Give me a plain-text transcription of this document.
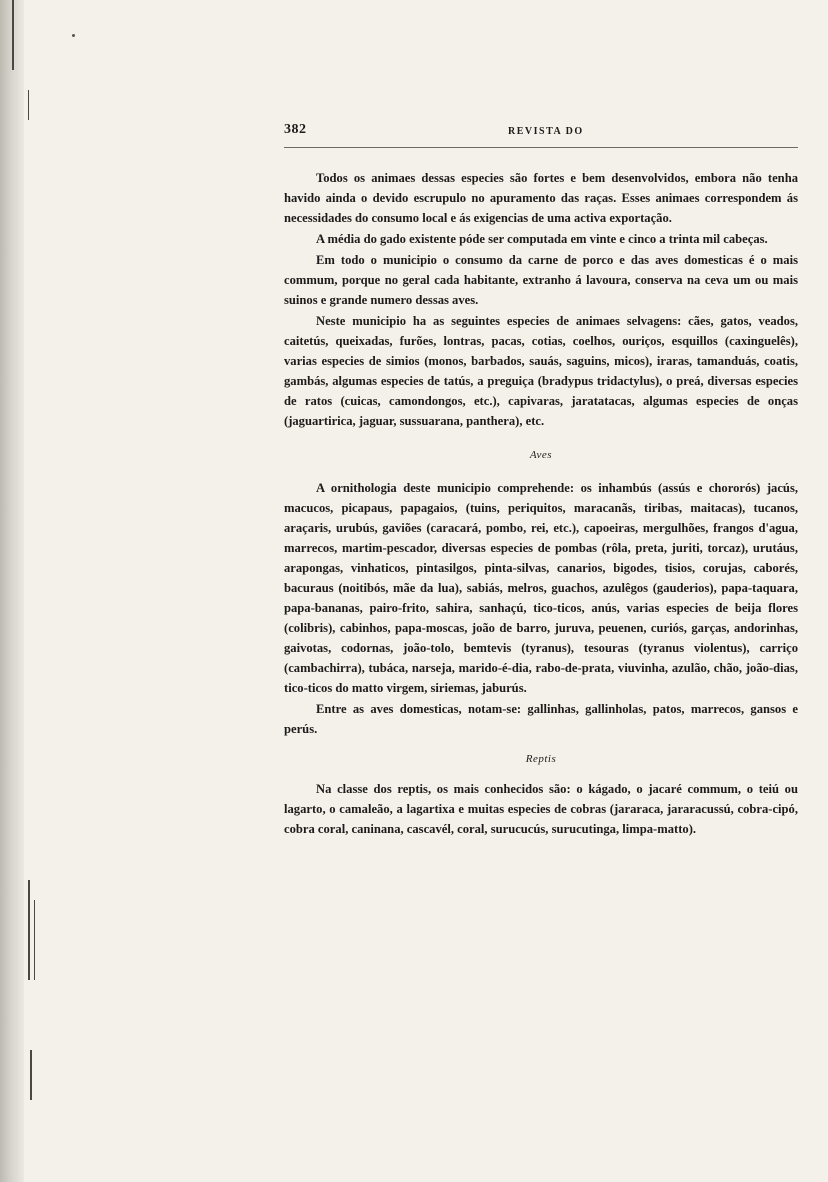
382	REVISTA DO

Todos os animaes dessas especies são fortes e bem desenvolvidos, embora não tenha havido ainda o devido escrupulo no apuramento das raças. Esses animaes correspondem ás necessidades do consumo local e ás exigencias de uma activa exportação.

A média do gado existente póde ser computada em vinte e cinco a trinta mil cabeças.

Em todo o municipio o consumo da carne de porco e das aves domesticas é o mais commum, porque no geral cada habitante, extranho á lavoura, conserva na ceva um ou mais suinos e grande numero dessas aves.

Neste municipio ha as seguintes especies de animaes selvagens: cães, gatos, veados, caitetús, queixadas, furões, lontras, pacas, cotias, coelhos, ouriços, esquillos (caxinguelês), varias especies de simios (monos, barbados, sauás, saguins, micos), iraras, tamanduás, coatis, gambás, algumas especies de tatús, a preguiça (bradypus tridactylus), o preá, diversas especies de ratos (cuicas, camondongos, etc.), capivaras, jaratatacas, algumas especies de onças (jaguartirica, jaguar, sussuarana, panthera), etc.

Aves

A ornithologia deste municipio comprehende: os inhambús (assús e chororós) jacús, macucos, picapaus, papagaios, (tuins, periquitos, maracanãs, tiribas, maitacas), tucanos, araçaris, urubús, gaviões (caracará, pombo, rei, etc.), capoeiras, mergulhões, frangos d'agua, marrecos, martim-pescador, diversas especies de pombas (rôla, preta, juriti, torcaz), urutáus, arapongas, vinhaticos, pintasilgos, pinta-silvas, canarios, bigodes, tisios, corujas, caborés, bacuraus (noitibós, mãe da lua), sabiás, melros, guachos, azulêgos (gauderios), papa-taquara, papa-bananas, pairo-frito, sahira, sanhaçú, tico-ticos, anús, varias especies de beija flores (colibris), cabinhos, papa-moscas, joão de barro, juruva, peuenen, curiós, garças, andorinhas, gaivotas, codornas, joão-tolo, bemtevis (tyranus), tesouras (tyranus violentus), carriço (cambachirra), tubáca, narseja, marido-é-dia, rabo-de-prata, viuvinha, azulão, chão, joão-dias, tico-ticos do matto virgem, siriemas, jaburús.

Entre as aves domesticas, notam-se: gallinhas, gallinholas, patos, marrecos, gansos e perús.

Reptis

Na classe dos reptis, os mais conhecidos são: o kágado, o jacaré commum, o teiú ou lagarto, o camaleão, a lagartixa e muitas especies de cobras (jararaca, jararacussú, cobra-cipó, cobra coral, caninana, cascavél, coral, surucucús, surucutinga, limpa-matto).
